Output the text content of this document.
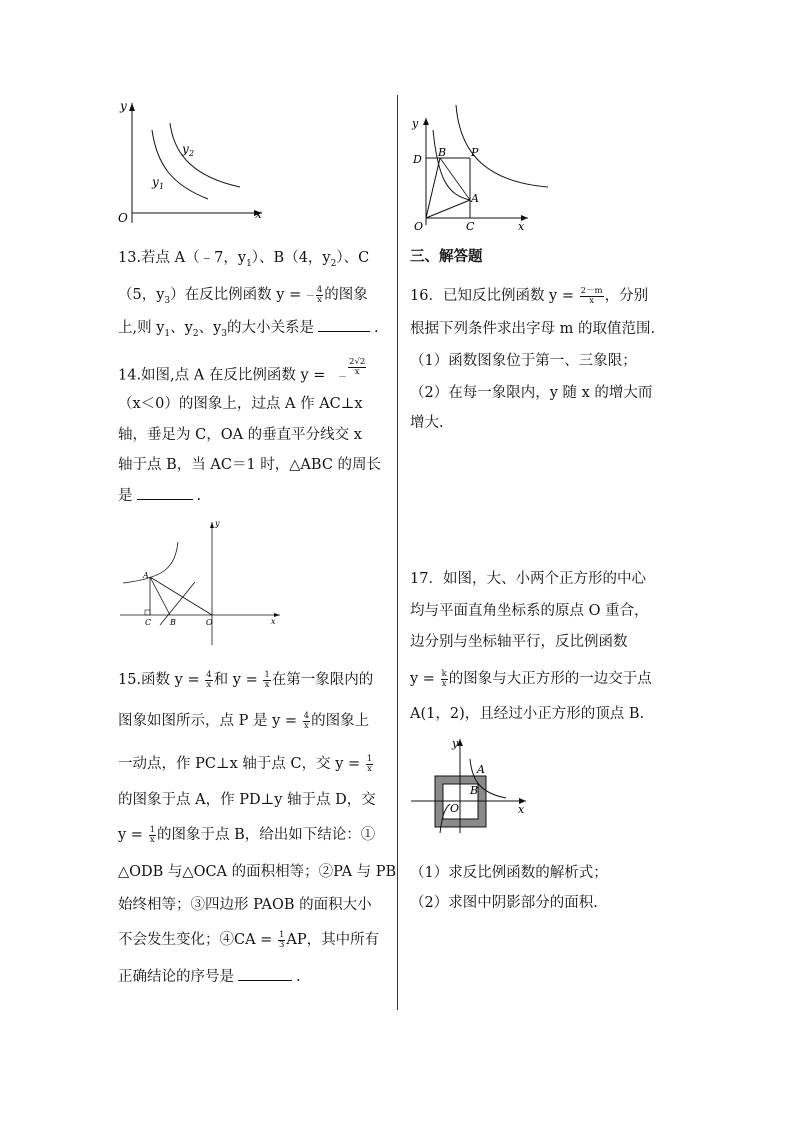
y
x
O
y 1
y 2
13.若点 A（﹣7，$y_1$）、B（4，$y_2$）、C
（5，$y_3$）在反比例函数 y = － $\frac{4}{x}$ 的图象
上,则 $y_1$、$y_2$、$y_3$的大小关系是	.
14.如图,点 A 在反比例函数 y = －
$\frac{2√2}{x}$
（x＜0）的图象上，过点 A 作 AC⊥x
轴，垂足为 C，OA 的垂直平分线交 x
轴于点 B，当 AC＝1 时，△ABC 的周长
是	.
y
x
A
C B	O
15.函数 $y = \frac{4}{x}$ 和 $y = \frac{1}{x}$ 在第一象限内的
图象如图所示，点 P 是 $y = \frac{4}{x}$ 的图象上
一动点，作 PC⊥x 轴于点 C，交 $y = \frac{1}{x}$
的图象于点 A，作 PD⊥y 轴于点 D，交
$y = \frac{1}{x}$ 的图象于点 B，给出如下结论：①
△ODB 与△OCA 的面积相等；②PA 与 PB
始终相等；③四边形 PAOB 的面积大小
不会发生变化；④CA = $\frac{1}{3}$ AP，其中所有
正确结论的序号是	.
y
x
D
B P
A
O	C
三、解答题
16．已知反比例函数 $y = \frac{2-m}{x}$ ，分别
根据下列条件求出字母 m 的取值范围.
（1）函数图象位于第一、三象限；
（2）在每一象限内，y 随 x 的增大而
增大.
17．如图，大、小两个正方形的中心
均与平面直角坐标系的原点 O 重合，
边分别与坐标轴平行，反比例函数
$y = \frac{k}{x}$ 的图象与大正方形的一边交于点
A(1，2)，且经过小正方形的顶点 B.
（1）求反比例函数的解析式；
（2）求图中阴影部分的面积.
y
x
A
B
O
